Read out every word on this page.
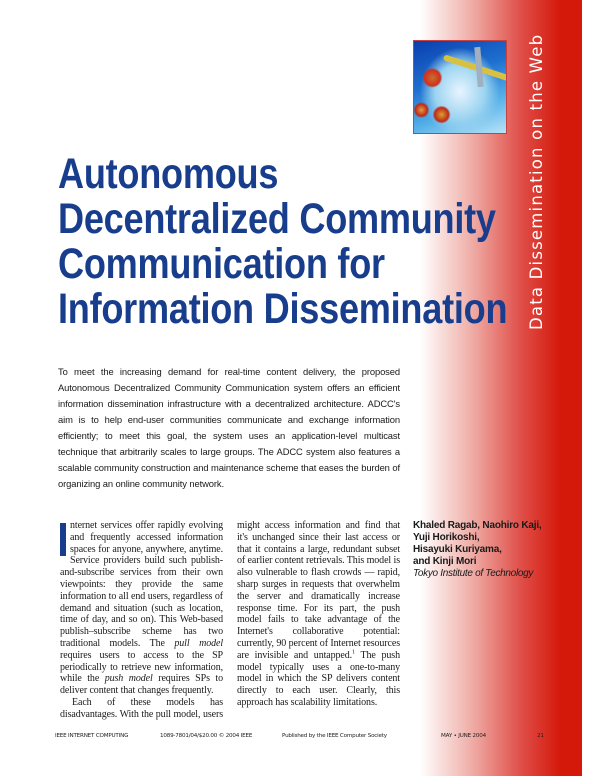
Data Dissemination on the Web
Autonomous
Decentralized Community
Communication for
Information Dissemination
To meet the increasing demand for real-time content delivery, the proposed Autonomous Decentralized Community Communication system offers an efficient information dissemination infrastructure with a decentralized architecture. ADCC's aim is to help end-user communities communicate and exchange information efficiently; to meet this goal, the system uses an application-level multicast technique that arbitrarily scales to large groups. The ADCC system also features a scalable community construction and maintenance scheme that eases the burden of organizing an online community network.

nternet services offer rapidly evolving and frequently accessed information spaces for anyone, anywhere, anytime. Service providers build such publish-and-subscribe services from their own viewpoints: they provide the same information to all end users, regardless of demand and situation (such as location, time of day, and so on). This Web-based publish–subscribe scheme has two traditional models. The pull model requires users to access to the SP periodically to retrieve new information, while the push model requires SPs to deliver content that changes frequently.

Each of these models has disadvantages. With the pull model, users might access information and find that it's unchanged since their last access or that it contains a large, redundant subset of earlier content retrievals. This model is also vulnerable to flash crowds — rapid, sharp surges in requests that overwhelm the server and dramatically increase response time. For its part, the push model fails to take advantage of the Internet's collaborative potential: currently, 90 percent of Internet resources are invisible and untapped.$^1$ The push model typically uses a one-to-many model in which the SP delivers content directly to each user. Clearly, this approach has scalability limitations.

Khaled Ragab, Naohiro Kaji,
Yuji Horikoshi,
Hisayuki Kuriyama,
and Kinji Mori
Tokyo Institute of Technology
IEEE INTERNET COMPUTING	1089-7801/04/$20.00 © 2004 IEEE	Published by the IEEE Computer Society	MAY • JUNE 2004	21
